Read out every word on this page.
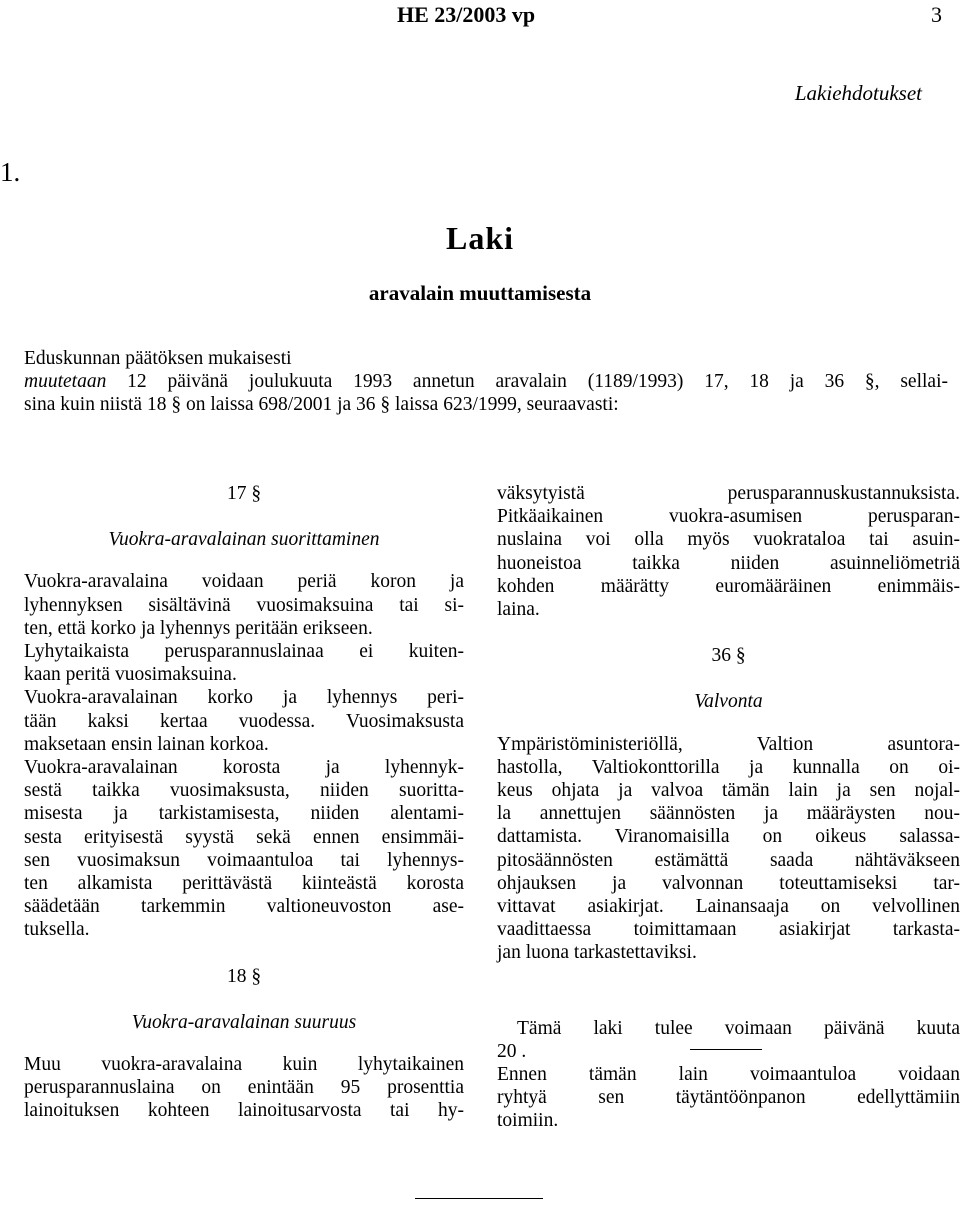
HE 23/2003 vp	3
Lakiehdotukset
1.
Laki
aravalain muuttamisesta

Eduskunnan päätöksen mukaisesti

muutetaan 12 päivänä joulukuuta 1993 annetun aravalain (1189/1993) 17, 18 ja 36 §, sellai-

sina kuin niistä 18 § on laissa 698/2001 ja 36 § laissa 623/1999, seuraavasti:

17 §

Vuokra-aravalainan suorittaminen

Vuokra-aravalaina voidaan periä koron ja
lyhennyksen sisältävinä vuosimaksuina tai si-
ten, että korko ja lyhennys peritään erikseen.
Lyhytaikaista perusparannuslainaa ei kuiten-
kaan peritä vuosimaksuina.
Vuokra-aravalainan korko ja lyhennys peri-
tään kaksi kertaa vuodessa. Vuosimaksusta
maksetaan ensin lainan korkoa.
Vuokra-aravalainan korosta ja lyhennyk-
sestä taikka vuosimaksusta, niiden suoritta-
misesta ja tarkistamisesta, niiden alentami-
sesta erityisestä syystä sekä ennen ensimmäi-
sen vuosimaksun voimaantuloa tai lyhennys-
ten alkamista perittävästä kiinteästä korosta
säädetään tarkemmin valtioneuvoston ase-
tuksella.

18 §

Vuokra-aravalainan suuruus

Muu vuokra-aravalaina kuin lyhytaikainen
perusparannuslaina on enintään 95 prosenttia
lainoituksen kohteen lainoitusarvosta tai hy-
väksytyistä perusparannuskustannuksista.
Pitkäaikainen vuokra-asumisen perusparan-
nuslaina voi olla myös vuokrataloa tai asuin-
huoneistoa taikka niiden asuinneliömetriä
kohden määrätty euromääräinen enimmäis-
laina.

36 §

Valvonta

Ympäristöministeriöllä, Valtion asuntora-
hastolla, Valtiokonttorilla ja kunnalla on oi-
keus ohjata ja valvoa tämän lain ja sen nojal-
la annettujen säännösten ja määräysten nou-
dattamista. Viranomaisilla on oikeus salassa-
pitosäännösten estämättä saada nähtäväkseen
ohjauksen ja valvonnan toteuttamiseksi tar-
vittavat asiakirjat. Lainansaaja on velvollinen
vaadittaessa toimittamaan asiakirjat tarkasta-
jan luona tarkastettaviksi.
Tämä laki tulee voimaan päivänä kuuta
20 .
Ennen tämän lain voimaantuloa voidaan
ryhtyä sen täytäntöönpanon edellyttämiin
toimiin.
